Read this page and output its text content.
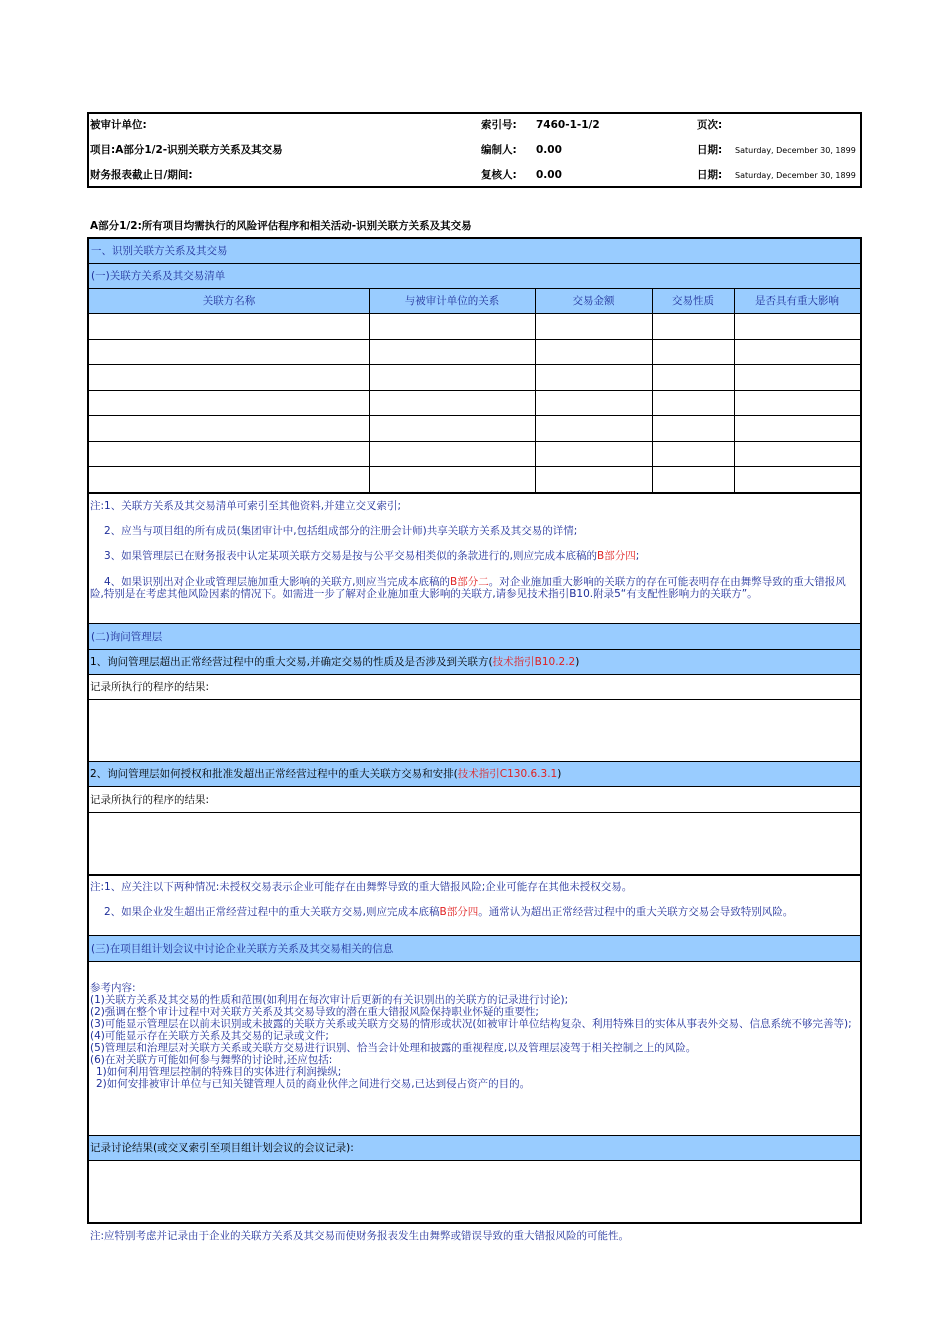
被审计单位:
项目:A部分1/2-识别关联方关系及其交易
财务报表截止日/期间:
索引号: 7460-1-1/2
编制人: 0.00
复核人: 0.00
页次:
日期: Saturday, December 30, 1899
日期: Saturday, December 30, 1899
A部分1/2:所有项目均需执行的风险评估程序和相关活动-识别关联方关系及其交易
一、识别关联方关系及其交易
(一)关联方关系及其交易清单
关联方名称	与被审计单位的关系	交易金额	交易性质	是否具有重大影响
注:1、关联方关系及其交易清单可索引至其他资料,并建立交叉索引;
2、应当与项目组的所有成员(集团审计中,包括组成部分的注册会计师)共享关联方关系及其交易的详情;
3、如果管理层已在财务报表中认定某项关联方交易是按与公平交易相类似的条款进行的,则应完成本底稿的B部分四;
4、如果识别出对企业或管理层施加重大影响的关联方,则应当完成本底稿的B部分二。对企业施加重大影响的关联方的存在可能表明存在由舞弊导致的重大错报风险,特别是在考虑其他风险因素的情况下。如需进一步了解对企业施加重大影响的关联方,请参见技术指引B10.附录5“有支配性影响力的关联方”。
(二)询问管理层
1、询问管理层超出正常经营过程中的重大交易,并确定交易的性质及是否涉及到关联方(技术指引B10.2.2)
记录所执行的程序的结果:
2、询问管理层如何授权和批准发超出正常经营过程中的重大关联方交易和安排(技术指引C130.6.3.1)
记录所执行的程序的结果:
注:1、应关注以下两种情况:未授权交易表示企业可能存在由舞弊导致的重大错报风险;企业可能存在其他未授权交易。
2、如果企业发生超出正常经营过程中的重大关联方交易,则应完成本底稿B部分四。通常认为超出正常经营过程中的重大关联方交易会导致特别风险。
(三)在项目组计划会议中讨论企业关联方关系及其交易相关的信息
参考内容:
(1)关联方关系及其交易的性质和范围(如利用在每次审计后更新的有关识别出的关联方的记录进行讨论);
(2)强调在整个审计过程中对关联方关系及其交易导致的潜在重大错报风险保持职业怀疑的重要性;
(3)可能显示管理层在以前未识别或未披露的关联方关系或关联方交易的情形或状况(如被审计单位结构复杂、利用特殊目的实体从事表外交易、信息系统不够完善等);
(4)可能显示存在关联方关系及其交易的记录或文件;
(5)管理层和治理层对关联方关系或关联方交易进行识别、恰当会计处理和披露的重视程度,以及管理层凌驾于相关控制之上的风险。
(6)在对关联方可能如何参与舞弊的讨论时,还应包括:
1)如何利用管理层控制的特殊目的实体进行利润操纵;
2)如何安排被审计单位与已知关键管理人员的商业伙伴之间进行交易,已达到侵占资产的目的。
记录讨论结果(或交叉索引至项目组计划会议的会议记录):
注:应特别考虑并记录由于企业的关联方关系及其交易而使财务报表发生由舞弊或错误导致的重大错报风险的可能性。
